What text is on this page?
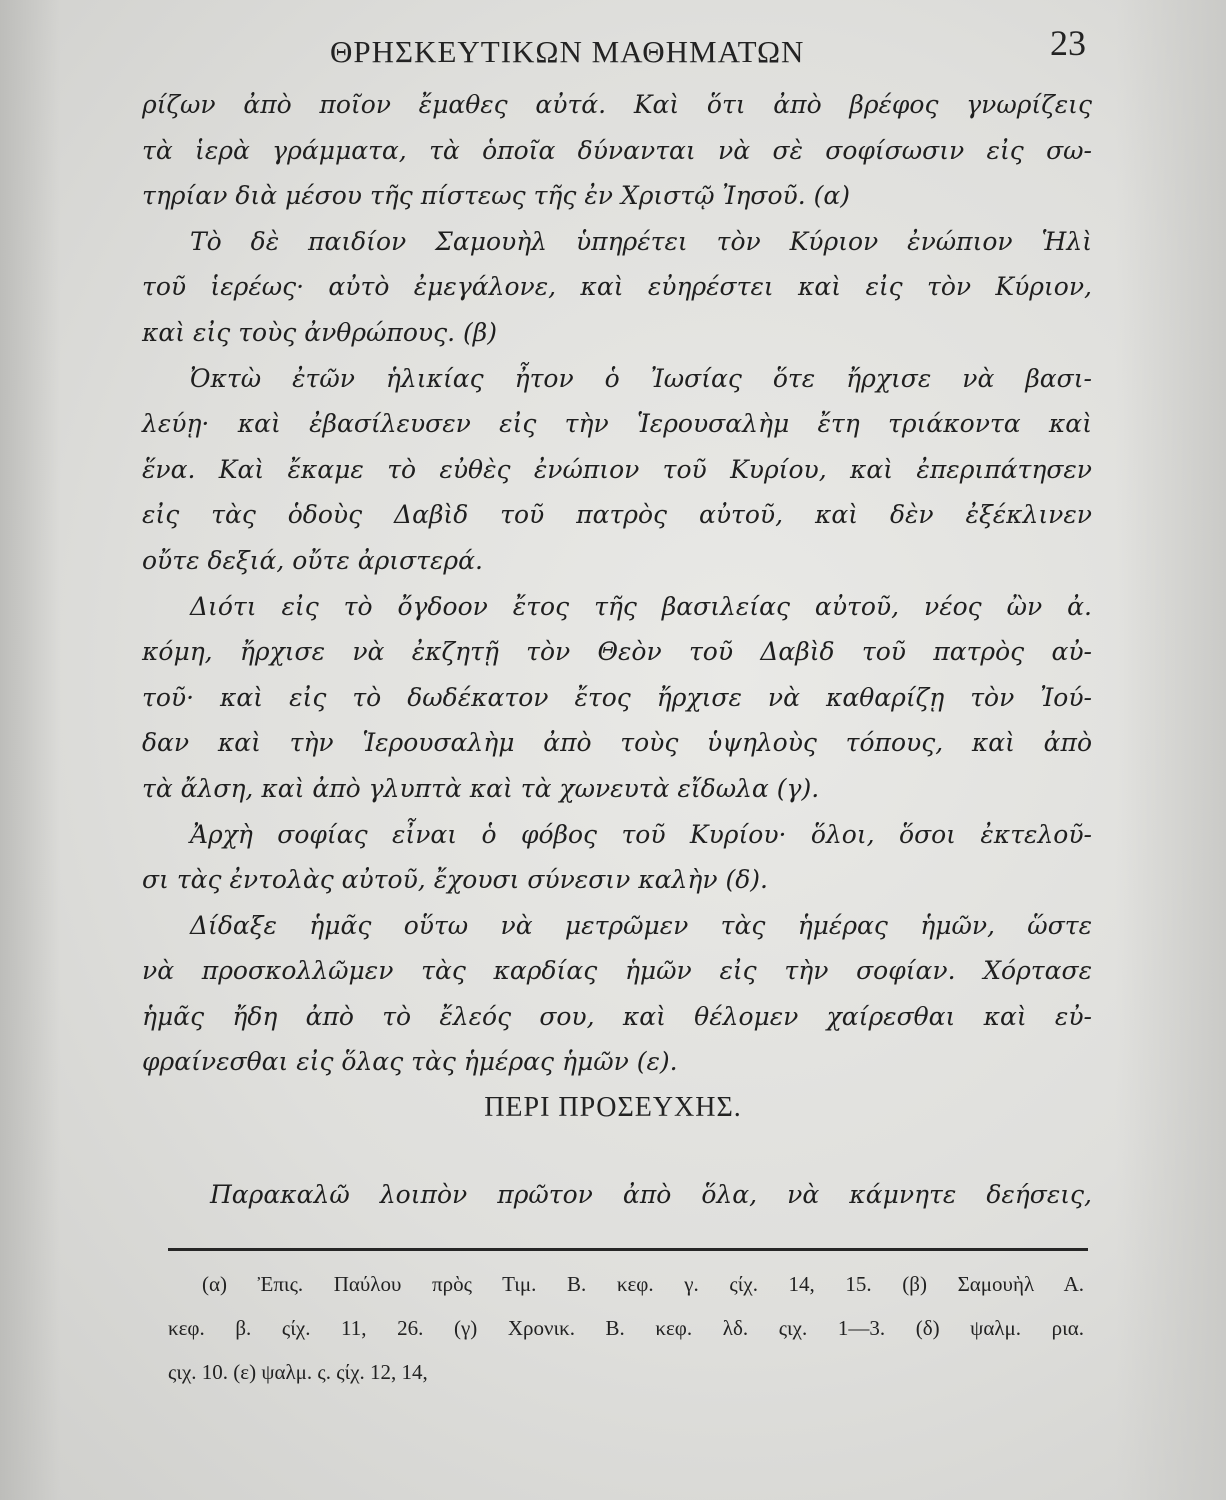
ΘΡΗΣΚΕΥΤΙΚΩΝ ΜΑΘΗΜΑΤΩΝ	23
ρίζων ἀπὸ ποῖον ἔμαθες αὐτά. Καὶ ὅτι ἀπὸ βρέφος γνωρίζεις
τὰ ἱερὰ γράμματα, τὰ ὁποῖα δύνανται νὰ σὲ σοφίσωσιν εἰς σω-
τηρίαν διὰ μέσου τῆς πίστεως τῆς ἐν Χριστῷ Ἰησοῦ. (α)
Τὸ δὲ παιδίον Σαμουὴλ ὑπηρέτει τὸν Κύριον ἐνώπιον Ἡλὶ
τοῦ ἱερέως· αὐτὸ ἐμεγάλονε, καὶ εὐηρέστει καὶ εἰς τὸν Κύριον,
καὶ εἰς τοὺς ἀνθρώπους. (β)
Ὀκτὼ ἐτῶν ἡλικίας ἦτον ὁ Ἰωσίας ὅτε ἤρχισε νὰ βασι-
λεύῃ· καὶ ἐβασίλευσεν εἰς τὴν Ἱερουσαλὴμ ἔτη τριάκοντα καὶ
ἕνα. Καὶ ἔκαμε τὸ εὐθὲς ἐνώπιον τοῦ Κυρίου, καὶ ἐπεριπάτησεν
εἰς τὰς ὁδοὺς Δαβὶδ τοῦ πατρὸς αὐτοῦ, καὶ δὲν ἐξέκλινεν
οὔτε δεξιά, οὔτε ἀριστερά.
Διότι εἰς τὸ ὄγδοον ἔτος τῆς βασιλείας αὐτοῦ, νέος ὢν ἀ.
κόμη, ἤρχισε νὰ ἐκζητῇ τὸν Θεὸν τοῦ Δαβὶδ τοῦ πατρὸς αὐ-
τοῦ· καὶ εἰς τὸ δωδέκατον ἔτος ἤρχισε νὰ καθαρίζῃ τὸν Ἰού-
δαν καὶ τὴν Ἱερουσαλὴμ ἀπὸ τοὺς ὑψηλοὺς τόπους, καὶ ἀπὸ
τὰ ἄλση, καὶ ἀπὸ γλυπτὰ καὶ τὰ χωνευτὰ εἴδωλα (γ).
Ἀρχὴ σοφίας εἶναι ὁ φόβος τοῦ Κυρίου· ὅλοι, ὅσοι ἐκτελοῦ-
σι τὰς ἐντολὰς αὐτοῦ, ἔχουσι σύνεσιν καλὴν (δ).
Δίδαξε ἡμᾶς οὕτω νὰ μετρῶμεν τὰς ἡμέρας ἡμῶν, ὥστε
νὰ προσκολλῶμεν τὰς καρδίας ἡμῶν εἰς τὴν σοφίαν. Χόρτασε
ἡμᾶς ἤδη ἀπὸ τὸ ἔλεός σου, καὶ θέλομεν χαίρεσθαι καὶ εὐ-
φραίνεσθαι εἰς ὅλας τὰς ἡμέρας ἡμῶν (ε).
ΠΕΡΙ ΠΡΟΣΕΥΧΗΣ.
Παρακαλῶ λοιπὸν πρῶτον ἀπὸ ὅλα, νὰ κάμνητε δεήσεις,
(α) Ἐπις. Παύλου πρὸς Τιμ. Β. κεφ. γ. ςίχ. 14, 15. (β) Σαμουὴλ Α.
κεφ. β. ςίχ. 11, 26. (γ) Χρονικ. Β. κεφ. λδ. ςιχ. 1—3. (δ) ψαλμ. ρια.
ςιχ. 10. (ε) ψαλμ. ς. ςίχ. 12, 14,
